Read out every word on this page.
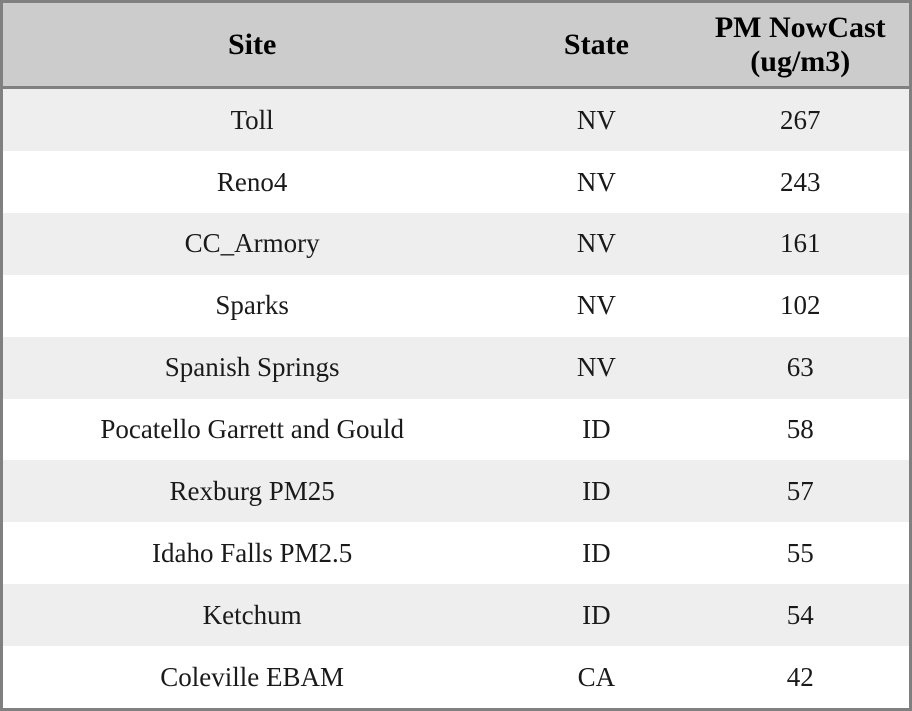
Site	State	PM NowCast (ug/m3)
Toll	NV	267
Reno4	NV	243
CC_Armory	NV	161
Sparks	NV	102
Spanish Springs	NV	63
Pocatello Garrett and Gould	ID	58
Rexburg PM25	ID	57
Idaho Falls PM2.5	ID	55
Ketchum	ID	54
Coleville EBAM	CA	42
